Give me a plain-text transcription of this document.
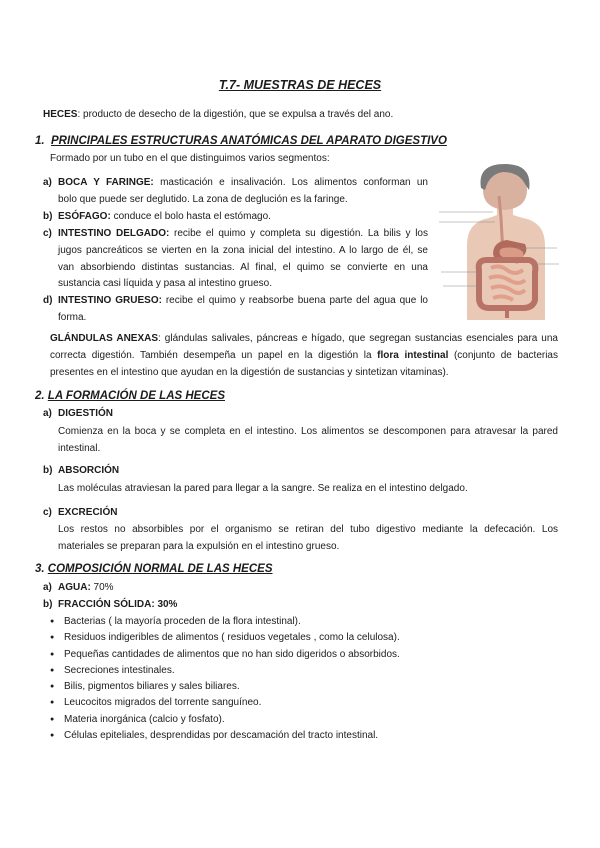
T.7- MUESTRAS DE HECES
HECES: producto de desecho de la digestión, que se expulsa a través del ano.
1. PRINCIPALES ESTRUCTURAS ANATÓMICAS DEL APARATO DIGESTIVO
Formado por un tubo en el que distinguimos varios segmentos:
a) BOCA Y FARINGE: masticación e insalivación. Los alimentos conforman un
bolo que puede ser deglutido. La zona de deglución es la faringe.
b) ESÓFAGO: conduce el bolo hasta el estómago.
c) INTESTINO DELGADO: recibe el quimo y completa su digestión. La bilis y los
jugos pancreáticos se vierten en la zona inicial del intestino. A lo largo de él, se
van absorbiendo distintas sustancias. Al final, el quimo se convierte en una
sustancia casi líquida y pasa al intestino grueso.
d) INTESTINO GRUESO: recibe el quimo y reabsorbe buena parte del agua que lo
forma.
GLÁNDULAS ANEXAS: glándulas salivales, páncreas e hígado, que segregan sustancias esenciales para una
correcta digestión. También desempeña un papel en la digestión la flora intestinal (conjunto de bacterias
presentes en el intestino que ayudan en la digestión de sustancias y sintetizan vitaminas).
2. LA FORMACIÓN DE LAS HECES
a) DIGESTIÓN
Comienza en la boca y se completa en el intestino. Los alimentos se descomponen para atravesar la pared
intestinal.
b) ABSORCIÓN
Las moléculas atraviesan la pared para llegar a la sangre. Se realiza en el intestino delgado.
c) EXCRECIÓN
Los restos no absorbibles por el organismo se retiran del tubo digestivo mediante la defecación. Los
materiales se preparan para la expulsión en el intestino grueso.
3. COMPOSICIÓN NORMAL DE LAS HECES
a) AGUA: 70%
b) FRACCIÓN SÓLIDA: 30%
● Bacterias ( la mayoría proceden de la flora intestinal).
● Residuos indigeribles de alimentos ( residuos vegetales , como la celulosa).
● Pequeñas cantidades de alimentos que no han sido digeridos o absorbidos.
● Secreciones intestinales.
● Bilis, pigmentos biliares y sales biliares.
● Leucocitos migrados del torrente sanguíneo.
● Materia inorgánica (calcio y fosfato).
● Células epiteliales, desprendidas por descamación del tracto intestinal.
